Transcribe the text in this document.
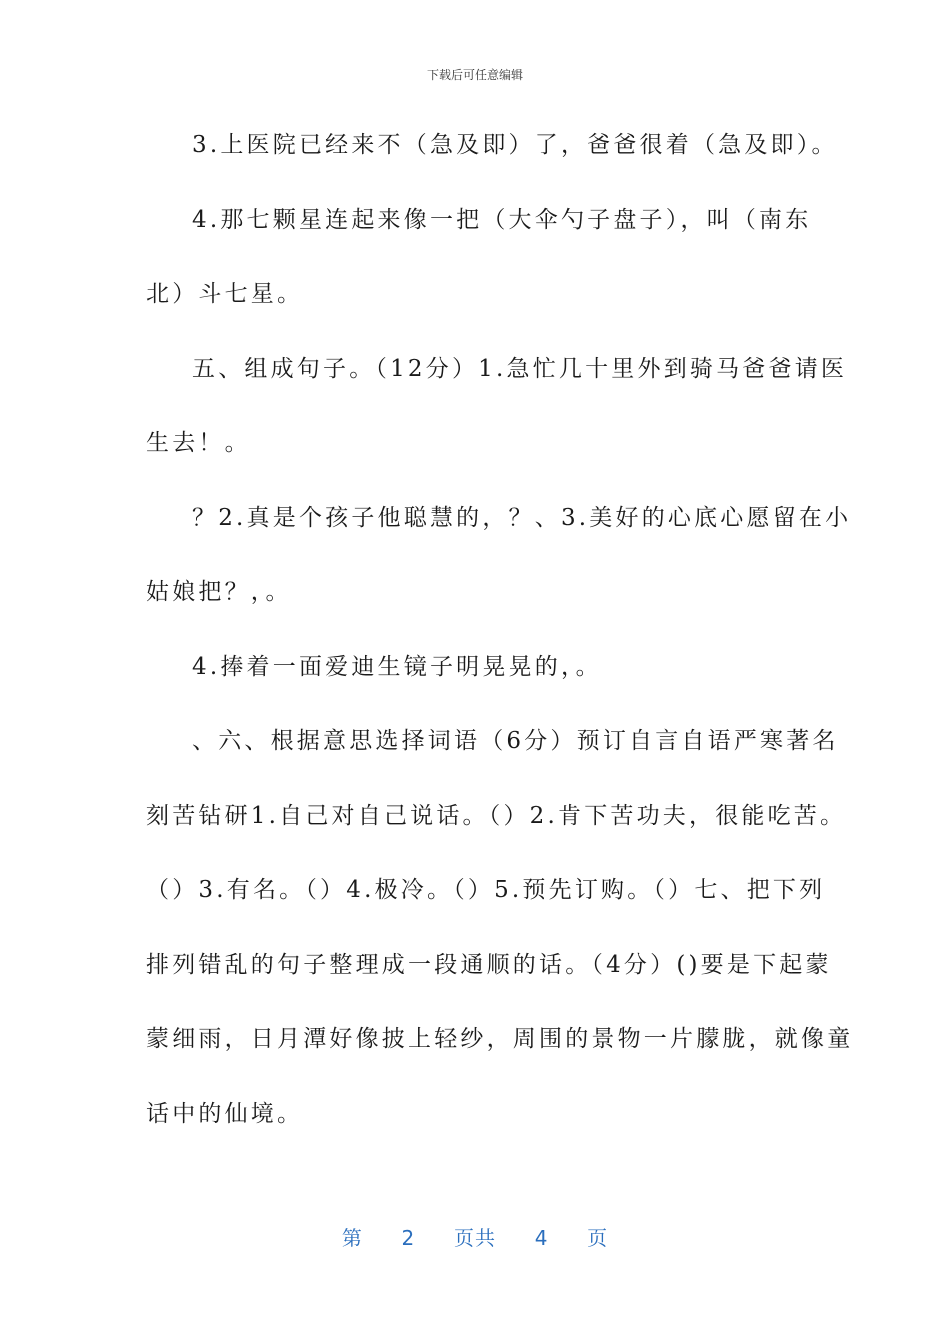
下载后可任意编辑
3.上医院已经来不（急及即）了，爸爸很着（急及即）。
4.那七颗星连起来像一把（大伞勺子盘子），叫（南东
北）斗七星。
五、组成句子。（12分）1.急忙几十里外到骑马爸爸请医
生去！。
？2.真是个孩子他聪慧的，？、3.美好的心底心愿留在小
姑娘把？，。
4.捧着一面爱迪生镜子明晃晃的，。
、六、根据意思选择词语（6分）预订自言自语严寒著名
刻苦钻研1.自己对自己说话。（）2.肯下苦功夫，很能吃苦。
（）3.有名。（）4.极冷。（）5.预先订购。（）七、把下列
排列错乱的句子整理成一段通顺的话。（4分）()要是下起蒙
蒙细雨，日月潭好像披上轻纱，周围的景物一片朦胧，就像童
话中的仙境。
第 2 页共 4 页
